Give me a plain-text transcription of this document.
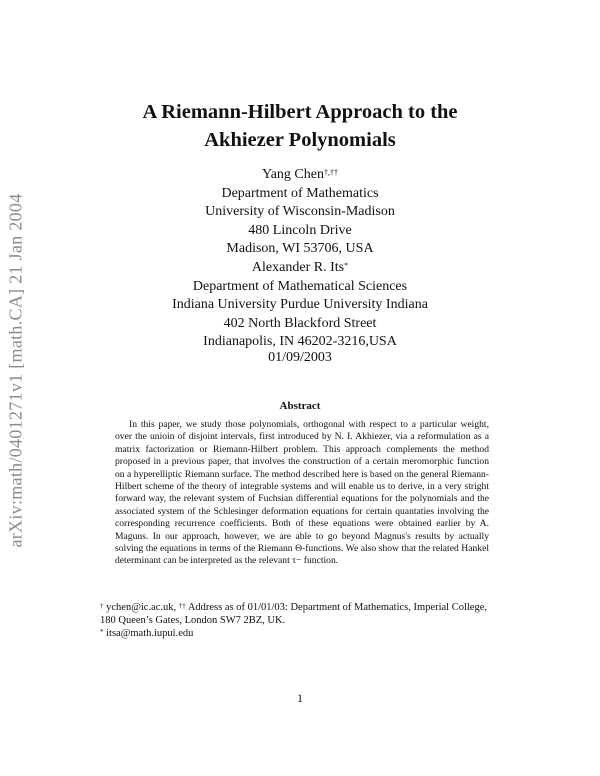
arXiv:math/0401271v1 [math.CA] 21 Jan 2004
A Riemann-Hilbert Approach to the
Akhiezer Polynomials
Yang Chen†,††
Department of Mathematics
University of Wisconsin-Madison
480 Lincoln Drive
Madison, WI 53706, USA
Alexander R. Its*
Department of Mathematical Sciences
Indiana University Purdue University Indiana
402 North Blackford Street
Indianapolis, IN 46202-3216,USA
01/09/2003
Abstract

In this paper, we study those polynomials, orthogonal with respect to a particular weight, over the unioin of disjoint intervals, first introduced by N. I. Akhiezer, via a reformulation as a matrix factorization or Riemann-Hilbert problem. This approach complements the method proposed in a previous paper, that involves the construction of a certain meromorphic function on a hyperelliptic Riemann surface. The method described here is based on the general Riemann-Hilbert scheme of the theory of integrable systems and will enable us to derive, in a very stright forward way, the relevant system of Fuchsian differential equations for the polynomials and the associated system of the Schlesinger deformation equations for certain quantaties involving the corresponding recurrence coefficients. Both of these equations were obtained earlier by A. Maguns. In our approach, however, we are able to go beyond Magnus's results by actually solving the equations in terms of the Riemann Θ-functions. We also show that the related Hankel determinant can be interpreted as the relevant τ− function.

† ychen@ic.ac.uk, †† Address as of 01/01/03: Department of Mathematics, Imperial College,
180 Queen’s Gates, London SW7 2BZ, UK.
* itsa@math.iupui.edu
1
